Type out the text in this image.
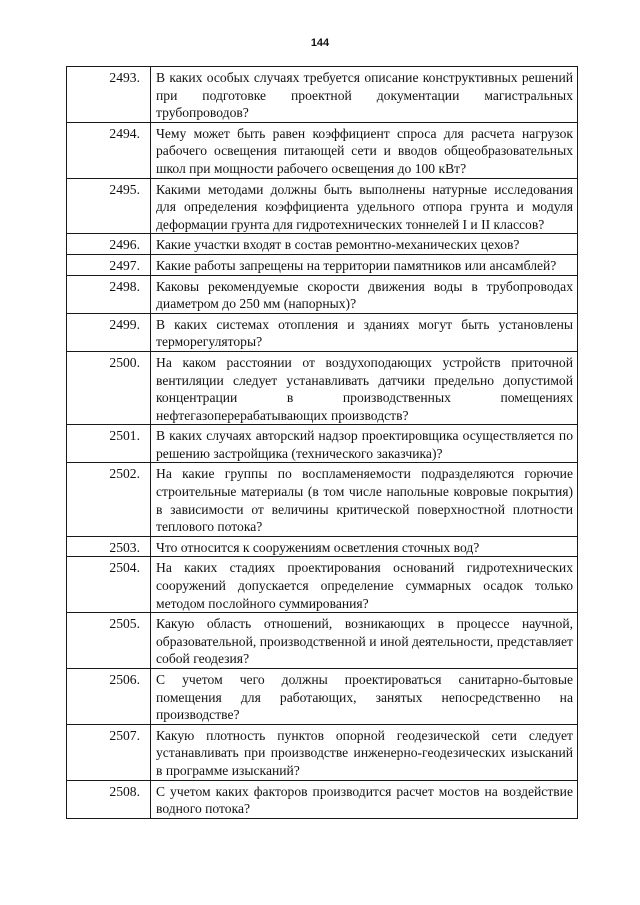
144
2493.	В каких особых случаях требуется описание конструктивных решений при подготовке проектной документации магистральных трубопроводов?
2494.	Чему может быть равен коэффициент спроса для расчета нагрузок рабочего освещения питающей сети и вводов общеобразовательных школ при мощности рабочего освещения до 100 кВт?
2495.	Какими методами должны быть выполнены натурные исследования для определения коэффициента удельного отпора грунта и модуля деформации грунта для гидротехнических тоннелей I и II классов?
2496.	Какие участки входят в состав ремонтно-механических цехов?
2497.	Какие работы запрещены на территории памятников или ансамблей?
2498.	Каковы рекомендуемые скорости движения воды в трубопроводах диаметром до 250 мм (напорных)?
2499.	В каких системах отопления и зданиях могут быть установлены терморегуляторы?
2500.	На каком расстоянии от воздухоподающих устройств приточной вентиляции следует устанавливать датчики предельно допустимой концентрации в производственных помещениях нефтегазоперерабатывающих производств?
2501.	В каких случаях авторский надзор проектировщика осуществляется по решению застройщика (технического заказчика)?
2502.	На какие группы по воспламеняемости подразделяются горючие строительные материалы (в том числе напольные ковровые покрытия) в зависимости от величины критической поверхностной плотности теплового потока?
2503.	Что относится к сооружениям осветления сточных вод?
2504.	На каких стадиях проектирования оснований гидротехнических сооружений допускается определение суммарных осадок только методом послойного суммирования?
2505.	Какую область отношений, возникающих в процессе научной, образовательной, производственной и иной деятельности, представляет собой геодезия?
2506.	С учетом чего должны проектироваться санитарно-бытовые помещения для работающих, занятых непосредственно на производстве?
2507.	Какую плотность пунктов опорной геодезической сети следует устанавливать при производстве инженерно-геодезических изысканий в программе изысканий?
2508.	С учетом каких факторов производится расчет мостов на воздействие водного потока?
